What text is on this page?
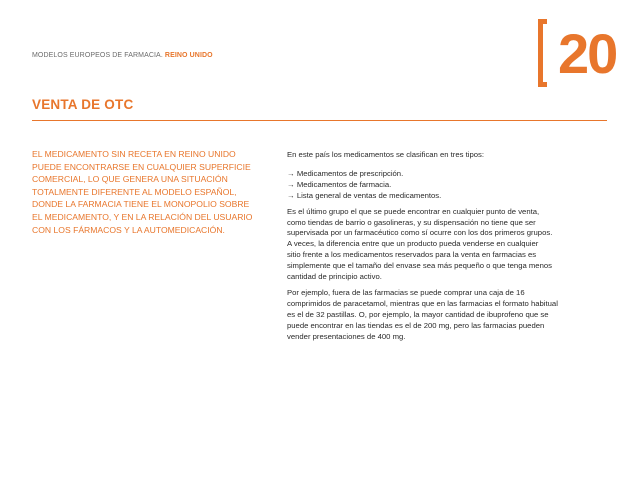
MODELOS EUROPEOS DE FARMACIA. REINO UNIDO	20
VENTA DE OTC
EL MEDICAMENTO SIN RECETA EN REINO UNIDO
PUEDE ENCONTRARSE EN CUALQUIER SUPERFICIE
COMERCIAL, LO QUE GENERA UNA SITUACIÓN
TOTALMENTE DIFERENTE AL MODELO ESPAÑOL,
DONDE LA FARMACIA TIENE EL MONOPOLIO SOBRE
EL MEDICAMENTO, Y EN LA RELACIÓN DEL USUARIO
CON LOS FÁRMACOS Y LA AUTOMEDICACIÓN.

En este país los medicamentos se clasifican en tres tipos:

→ Medicamentos de prescripción.
→ Medicamentos de farmacia.
→ Lista general de ventas de medicamentos.

Es el último grupo el que se puede encontrar en cualquier punto de venta,
como tiendas de barrio o gasolineras, y su dispensación no tiene que ser
supervisada por un farmacéutico como sí ocurre con los dos primeros grupos.
A veces, la diferencia entre que un producto pueda venderse en cualquier
sitio frente a los medicamentos reservados para la venta en farmacias es
simplemente que el tamaño del envase sea más pequeño o que tenga menos
cantidad de principio activo.

Por ejemplo, fuera de las farmacias se puede comprar una caja de 16
comprimidos de paracetamol, mientras que en las farmacias el formato habitual
es el de 32 pastillas. O, por ejemplo, la mayor cantidad de ibuprofeno que se
puede encontrar en las tiendas es el de 200 mg, pero las farmacias pueden
vender presentaciones de 400 mg.
